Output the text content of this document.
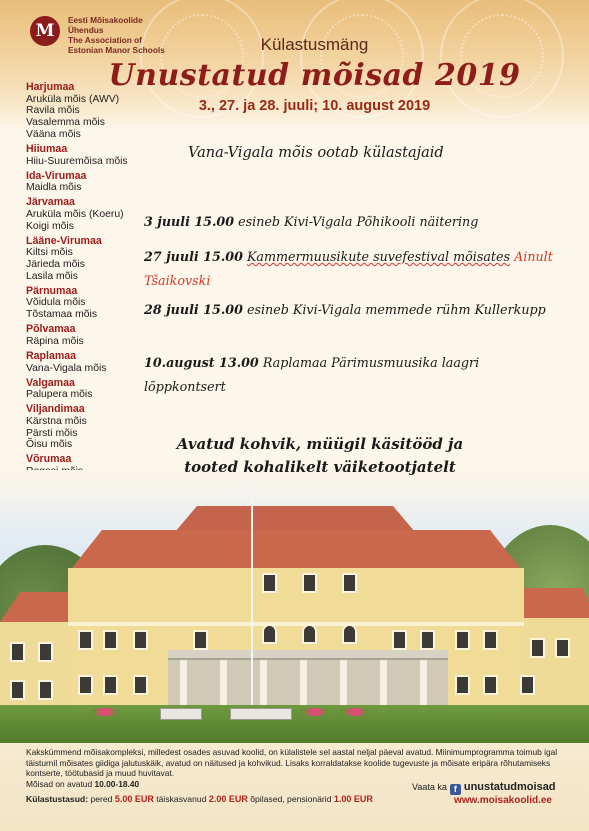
M
Eesti Mõisakoolide
Ühendus
The Association of
Estonian Manor Schools	Külastusmäng
Unustatud mõisad 2019
3., 27. ja 28. juuli; 10. august 2019
Harjumaa
Aruküla mõis (AWV)
Ravila mõis
Vasalemma mõis
Vääna mõis
Hiiumaa
Hiiu-Suuremõisa mõis
Ida-Virumaa
Maidla mõis
Järvamaa
Aruküla mõis (Koeru)
Koigi mõis
Lääne-Virumaa
Kiltsi mõis
Järieda mõis
Lasila mõis
Pärnumaa
Võidula mõis
Tõstamaa mõis
Põlvamaa
Räpina mõis
Raplamaa
Vana-Vigala mõis
Valgamaa
Palupera mõis
Viljandimaa
Kärstna mõis
Pärsti mõis
Õisu mõis
Võrumaa
Vana-Vigala mõis ootab külastajaid
3 juuli 15.00 esineb Kivi-Vigala Põhikooli näitering
27 juuli 15.00 Kammermuusikute suvefestival mõisates Ainult Tšaikovski
28 juuli 15.00 esineb Kivi-Vigala memmede rühm Kullerkupp
10.august 13.00 Raplamaa Pärimusmuusika laagri lõppkontsert
Avatud kohvik, müügil käsitööd ja tooted kohalikelt väiketootjatelt
Kakskümmend mõisakompleksi, milledest osades asuvad koolid, on külalistele sel aastal neljal päeval avatud. Miinimumprogramma toimub igal täisturnil mõisates giidiga jalutuskäik, avatud on näitused ja kohvikud. Lisaks korraldatakse koolide tugevuste ja mõisate eripära rõhutamiseks kontserte, töötubasid ja muud huvitavat.
Mõisad on avatud 10.00-18.40
Külastustasud: pered 5.00 EUR täiskasvanud 2.00 EUR õpilased, pensionärid 1.00 EUR
Vaata ka f unustatudmoisad
www.moisakoolid.ee
